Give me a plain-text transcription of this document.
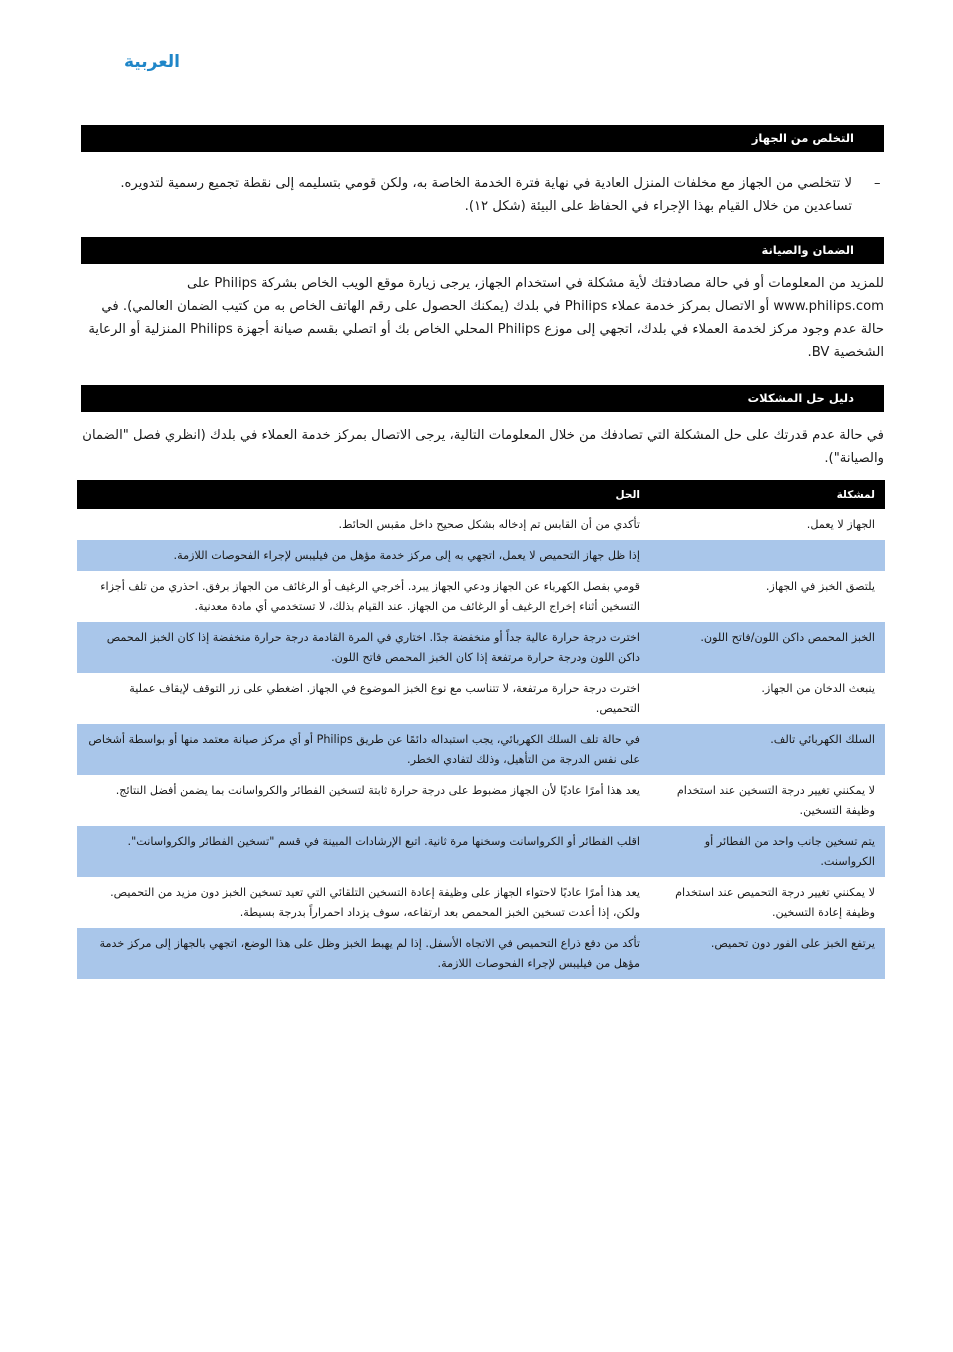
العربية
التخلص من الجهاز
–
لا تتخلصي من الجهاز مع مخلفات المنزل العادية في نهاية فترة الخدمة الخاصة به، ولكن قومي بتسليمه إلى نقطة تجميع رسمية لتدويره. تساعدين من خلال القيام بهذا الإجراء في الحفاظ على البيئة (شكل ١٢).
الضمان والصيانة
للمزيد من المعلومات أو في حالة مصادفتك لأية مشكلة في استخدام الجهاز، يرجى زيارة موقع الويب الخاص بشركة Philips على www.philips.com أو الاتصال بمركز خدمة عملاء Philips في بلدك (يمكنك الحصول على رقم الهاتف الخاص به من كتيب الضمان العالمي). في حالة عدم وجود مركز لخدمة العملاء في بلدك، اتجهي إلى موزع Philips المحلي الخاص بك أو اتصلي بقسم صيانة أجهزة Philips المنزلية أو الرعاية الشخصية BV.
دليل حل المشكلات
في حالة عدم قدرتك على حل المشكلة التي تصادفك من خلال المعلومات التالية، يرجى الاتصال بمركز خدمة العملاء في بلدك (انظري فصل "الضمان والصيانة").
لمشكلة	الحل
الجهاز لا يعمل.	تأكدي من أن القابس تم إدخاله بشكل صحيح داخل مقبس الحائط.
	إذا ظل جهاز التحميص لا يعمل، اتجهي به إلى مركز خدمة مؤهل من فيليبس لإجراء الفحوصات اللازمة.
يلتصق الخبز في الجهاز.	قومي بفصل الكهرباء عن الجهاز ودعي الجهاز يبرد. أخرجي الرغيف أو الرغائف من الجهاز برفق. احذري من تلف أجزاء التسخين أثناء إخراج الرغيف أو الرغائف من الجهاز. عند القيام بذلك، لا تستخدمي أي مادة معدنية.
الخبز المحمص داكن اللون/فاتح اللون.	اخترت درجة حرارة عالية جداً أو منخفضة جدًا. اختاري في المرة القادمة درجة حرارة منخفضة إذا كان الخبز المحمص داكن اللون ودرجة حرارة مرتفعة إذا كان الخبز المحمص فاتح اللون.
ينبعث الدخان من الجهاز.	اخترت درجة حرارة مرتفعة، لا تتناسب مع نوع الخبز الموضوع في الجهاز. اضغطي على زر التوقف لإيقاف عملية التحميص.
السلك الكهربائي تالف.	في حالة تلف السلك الكهربائي، يجب استبداله دائمًا عن طريق Philips أو أي مركز صيانة معتمد منها أو بواسطة أشخاص على نفس الدرجة من التأهيل، وذلك لتفادي الخطر.
لا يمكنني تغيير درجة التسخين عند استخدام وظيفة التسخين.	يعد هذا أمرًا عاديًا لأن الجهاز مضبوط على درجة حرارة ثابتة لتسخين الفطائر والكرواسانت بما يضمن أفضل النتائج.
يتم تسخين جانب واحد من الفطائر أو الكرواسنت.	اقلب الفطائر أو الكرواسانت وسخنها مرة ثانية. اتبع الإرشادات المبينة في قسم "تسخين الفطائر والكرواسانت".
لا يمكنني تغيير درجة التحميص عند استخدام وظيفة إعادة التسخين.	يعد هذا أمرًا عاديًا لاحتواء الجهاز على وظيفة إعادة التسخين التلقائي التي تعيد تسخين الخبز دون مزيد من التحميص. ولكن، إذا أعدت تسخين الخبز المحمص بعد ارتفاعه، سوف يزداد احمراراً بدرجة بسيطة.
يرتفع الخبز على الفور دون تحميص.	تأكد من دفع ذراع التحميص في الاتجاه الأسفل. إذا لم يهبط الخبز وظل على هذا الوضع، اتجهي بالجهاز إلى مركز خدمة مؤهل من فيليبس لإجراء الفحوصات اللازمة.
